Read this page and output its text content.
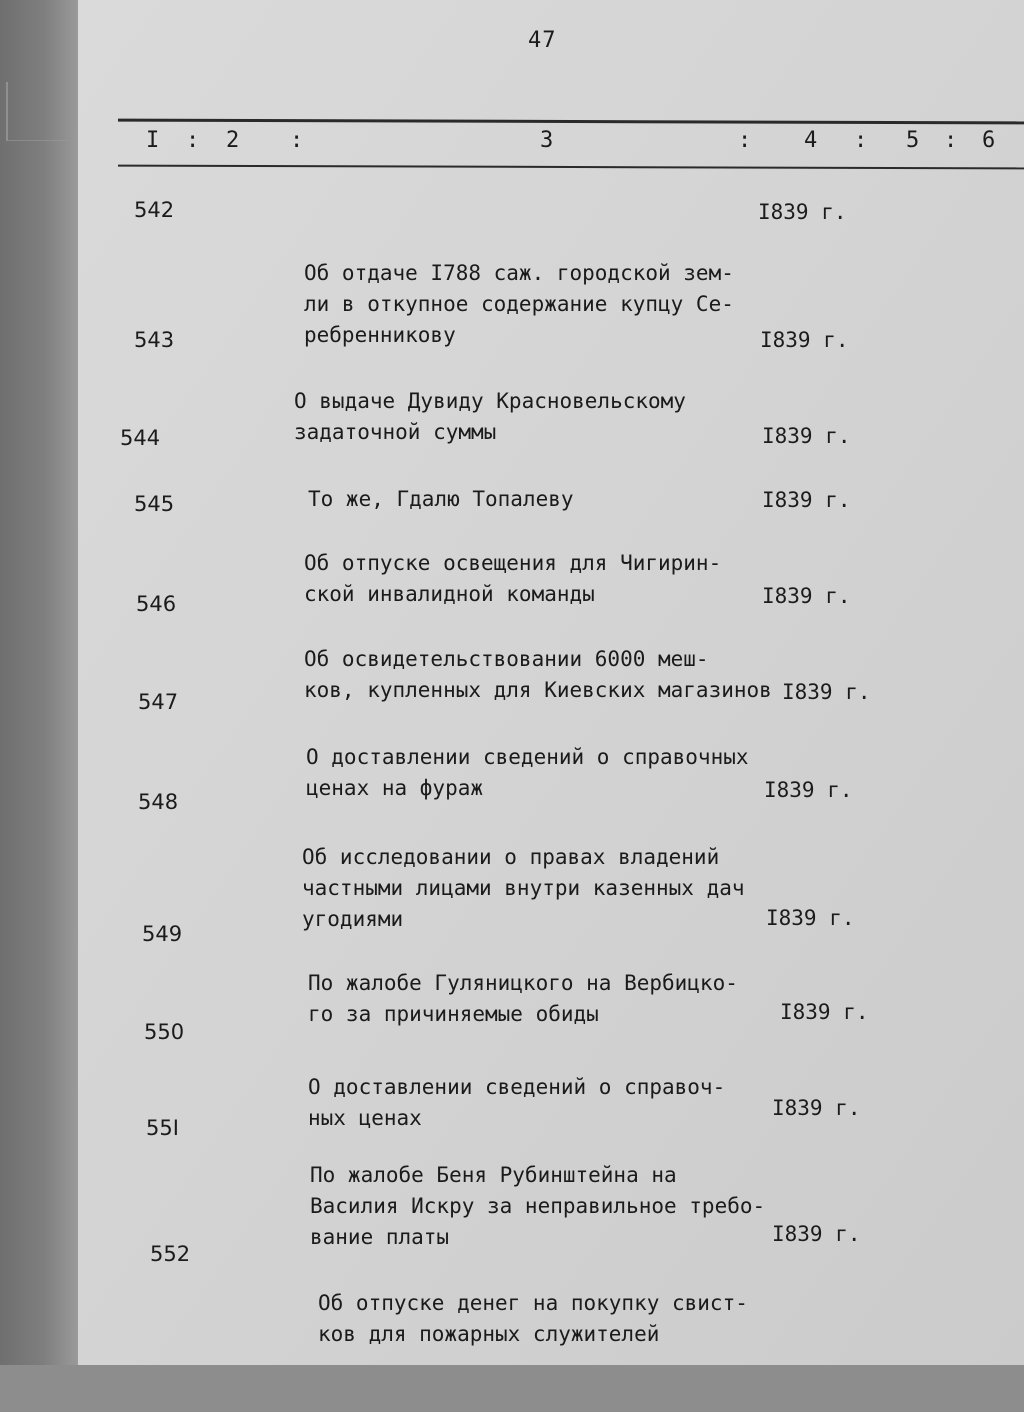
47
I : 2 :	3	: 4 : 5 : 6
542

Об отдаче I788 саж. городской зем-
ли в откупное содержание купцу Се-
ребренникову

I839 г.
543

О выдаче Дувиду Красновельскому
задаточной суммы

I839 г.
544

То же, Гдалю Топалеву

I839 г.
545

Об отпуске освещения для Чигирин-
ской инвалидной команды

I839 г.
546

Об освидетельствовании 6000 меш-
ков, купленных для Киевских магазинов

I839 г.
547

О доставлении сведений о справочных
ценах на фураж

I839 г.
548

Об исследовании о правах владений
частными лицами внутри казенных дач
угодиями

I839 г.
549

По жалобе Гуляницкого на Вербицко-
го за причиняемые обиды

I839 г.
550

О доставлении сведений о справоч-
ных ценах

I839 г.
55I

По жалобе Беня Рубинштейна на
Василия Искру за неправильное требо-
вание платы

I839 г.
552

Об отпуске денег на покупку свист-
ков для пожарных служителей

I839 г.
